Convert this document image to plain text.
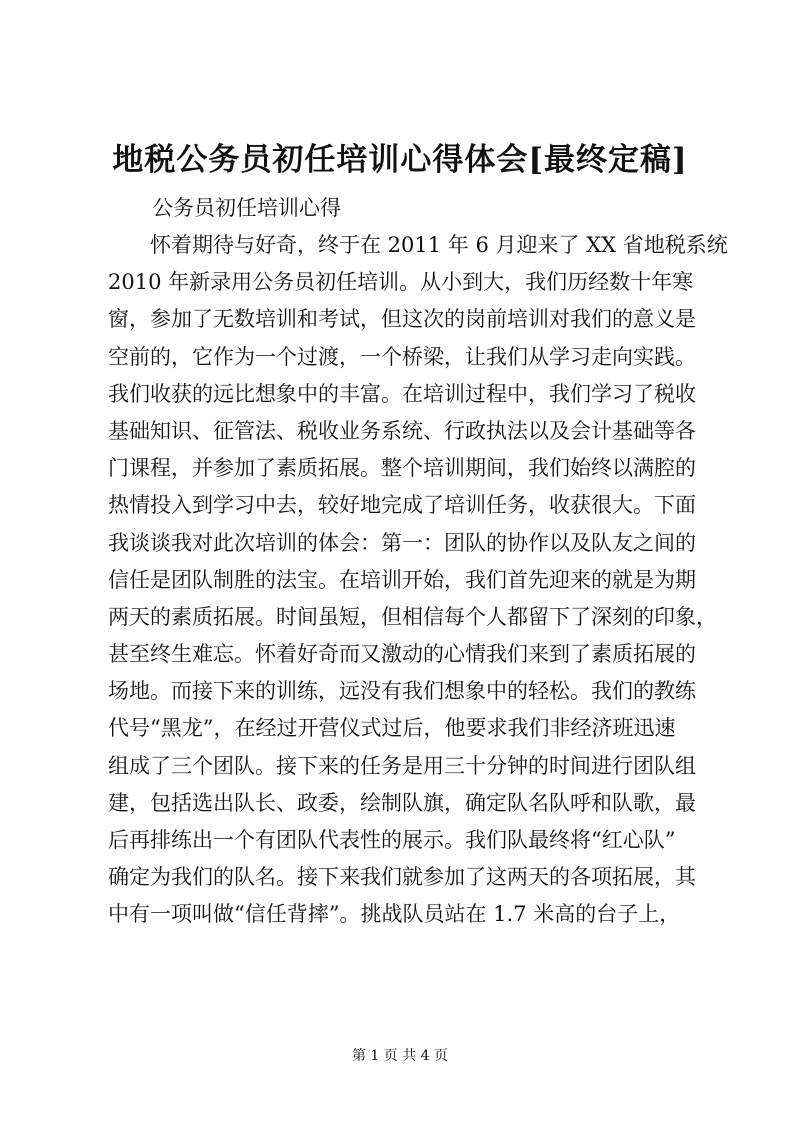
地税公务员初任培训心得体会[最终定稿]
公务员初任培训心得
怀着期待与好奇，终于在 2011 年 6 月迎来了 XX 省地税系统
2010 年新录用公务员初任培训。从小到大，我们历经数十年寒
窗，参加了无数培训和考试，但这次的岗前培训对我们的意义是
空前的，它作为一个过渡，一个桥梁，让我们从学习走向实践。
我们收获的远比想象中的丰富。在培训过程中，我们学习了税收
基础知识、征管法、税收业务系统、行政执法以及会计基础等各
门课程，并参加了素质拓展。整个培训期间，我们始终以满腔的
热情投入到学习中去，较好地完成了培训任务，收获很大。下面
我谈谈我对此次培训的体会：第一：团队的协作以及队友之间的
信任是团队制胜的法宝。在培训开始，我们首先迎来的就是为期
两天的素质拓展。时间虽短，但相信每个人都留下了深刻的印象，
甚至终生难忘。怀着好奇而又激动的心情我们来到了素质拓展的
场地。而接下来的训练，远没有我们想象中的轻松。我们的教练
代号“黑龙”，在经过开营仪式过后，他要求我们非经济班迅速
组成了三个团队。接下来的任务是用三十分钟的时间进行团队组
建，包括选出队长、政委，绘制队旗，确定队名队呼和队歌，最
后再排练出一个有团队代表性的展示。我们队最终将“红心队”
确定为我们的队名。接下来我们就参加了这两天的各项拓展，其
中有一项叫做“信任背摔”。挑战队员站在 1.7 米高的台子上，
第 1 页 共 4 页
